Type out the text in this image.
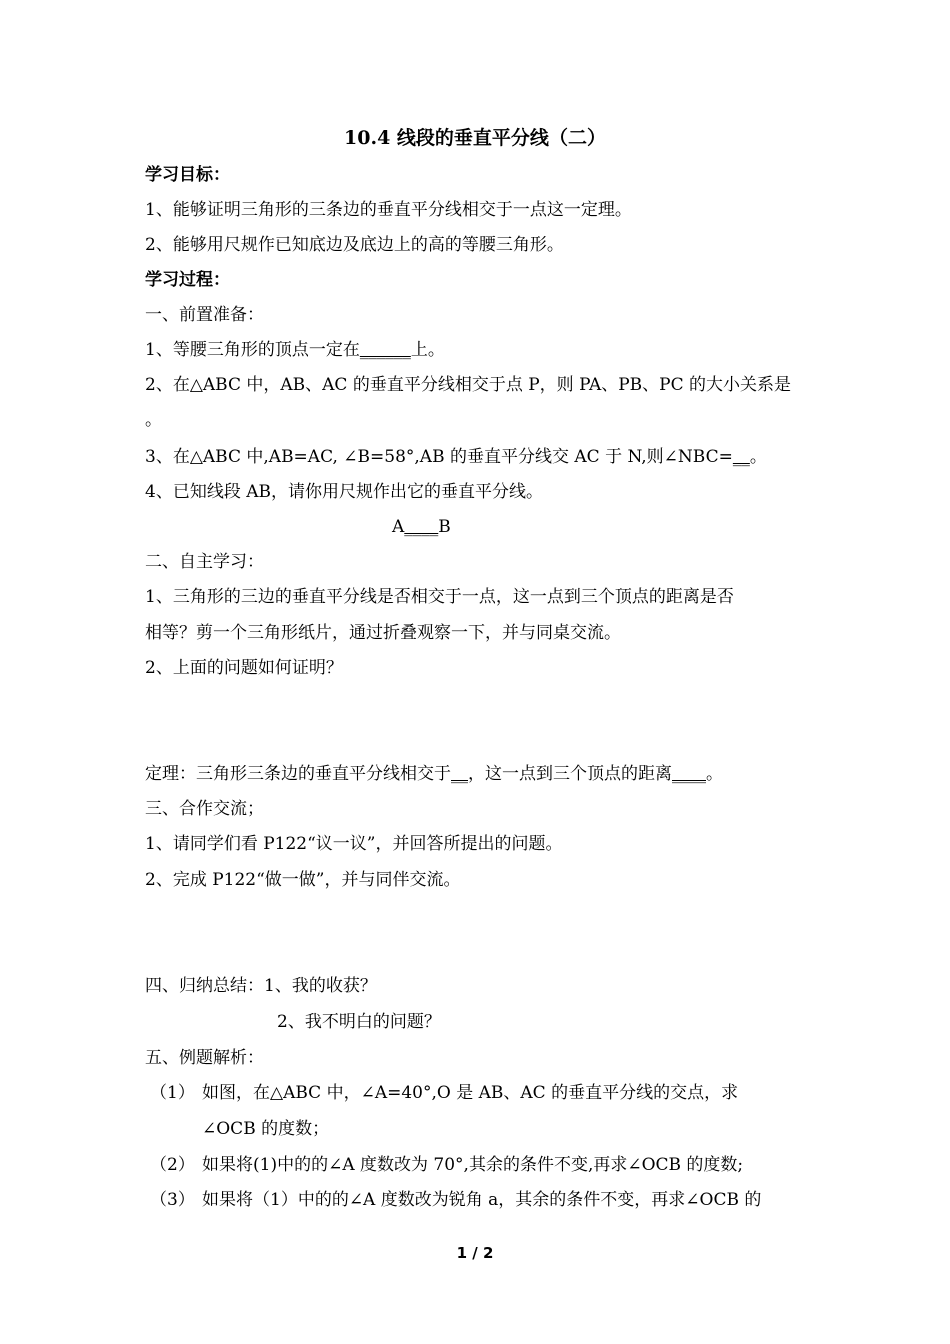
10.4 线段的垂直平分线（二）
学习目标：
1、能够证明三角形的三条边的垂直平分线相交于一点这一定理。
2、能够用尺规作已知底边及底边上的高的等腰三角形。
学习过程：
一、前置准备：
1、等腰三角形的顶点一定在______上。
2、在△ABC 中，AB、AC 的垂直平分线相交于点 P，则 PA、PB、PC 的大小关系是
。
3、在△ABC 中,AB=AC, ∠B=58°,AB 的垂直平分线交 AC 于 N,则∠NBC=__。
4、已知线段 AB，请你用尺规作出它的垂直平分线。
A____B
二、自主学习：
1、三角形的三边的垂直平分线是否相交于一点，这一点到三个顶点的距离是否
相等？剪一个三角形纸片，通过折叠观察一下，并与同桌交流。
2、上面的问题如何证明？
定理：三角形三条边的垂直平分线相交于__，这一点到三个顶点的距离____。
三、合作交流；
1、请同学们看 P122“议一议”，并回答所提出的问题。
2、完成 P122“做一做”，并与同伴交流。
四、归纳总结：1、我的收获？
2、我不明白的问题？
五、例题解析：
（1） 如图，在△ABC 中，∠A=40°,O 是 AB、AC 的垂直平分线的交点，求
∠OCB 的度数；
（2） 如果将(1)中的的∠A 度数改为 70°,其余的条件不变,再求∠OCB 的度数;
（3） 如果将（1）中的的∠A 度数改为锐角 a，其余的条件不变，再求∠OCB 的
1 / 2
